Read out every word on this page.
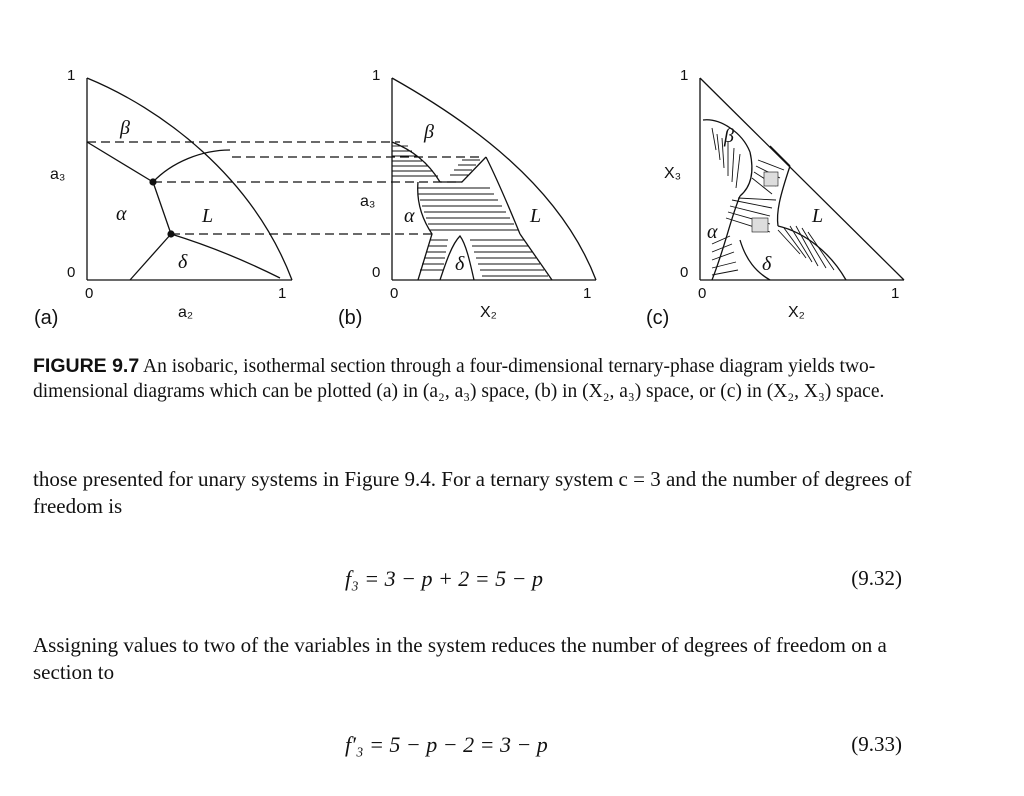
1
0
0	1
a₃
a₂
(a)
β
α	L
δ
1
0
0	1
a₃
X₂
(b)
β
α	L
δ
1
0
0	1
X₃
X₂
(c)
β
α
L
δ
FIGURE 9.7 An isobaric, isothermal section through a four-dimensional ternary-phase diagram yields two-dimensional diagrams which can be plotted (a) in (a₂, a₃) space, (b) in (X₂, a₃) space, or (c) in (X₂, X₃) space.
those presented for unary systems in Figure 9.4. For a ternary system c = 3 and the number of degrees of freedom is
f₃ = 3 − p + 2 = 5 − p	(9.32)
Assigning values to two of the variables in the system reduces the number of degrees of freedom on a section to
f′₃ = 5 − p − 2 = 3 − p	(9.33)
